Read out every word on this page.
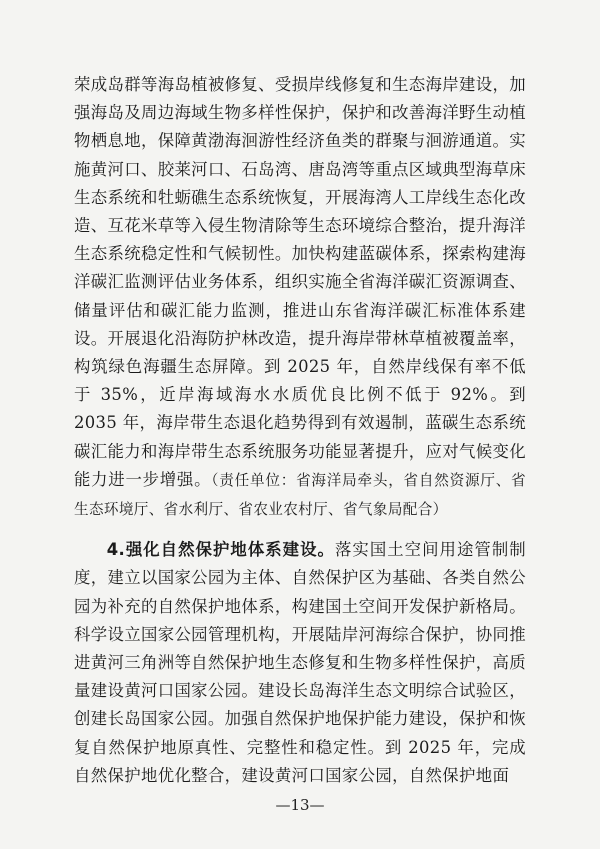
荣成岛群等海岛植被修复、受损岸线修复和生态海岸建设，加强海岛及周边海域生物多样性保护，保护和改善海洋野生动植物栖息地，保障黄渤海洄游性经济鱼类的群聚与洄游通道。实施黄河口、胶莱河口、石岛湾、唐岛湾等重点区域典型海草床生态系统和牡蛎礁生态系统恢复，开展海湾人工岸线生态化改造、互花米草等入侵生物清除等生态环境综合整治，提升海洋生态系统稳定性和气候韧性。加快构建蓝碳体系，探索构建海洋碳汇监测评估业务体系，组织实施全省海洋碳汇资源调查、储量评估和碳汇能力监测，推进山东省海洋碳汇标准体系建设。开展退化沿海防护林改造，提升海岸带林草植被覆盖率，构筑绿色海疆生态屏障。到 2025 年，自然岸线保有率不低于 35%，近岸海域海水水质优良比例不低于 92%。到 2035 年，海岸带生态退化趋势得到有效遏制，蓝碳生态系统碳汇能力和海岸带生态系统服务功能显著提升，应对气候变化能力进一步增强。（责任单位：省海洋局牵头，省自然资源厅、省生态环境厅、省水利厅、省农业农村厅、省气象局配合）

4.强化自然保护地体系建设。落实国土空间用途管制制度，建立以国家公园为主体、自然保护区为基础、各类自然公园为补充的自然保护地体系，构建国土空间开发保护新格局。科学设立国家公园管理机构，开展陆岸河海综合保护，协同推进黄河三角洲等自然保护地生态修复和生物多样性保护，高质量建设黄河口国家公园。建设长岛海洋生态文明综合试验区，创建长岛国家公园。加强自然保护地保护能力建设，保护和恢复自然保护地原真性、完整性和稳定性。到 2025 年，完成自然保护地优化整合，建设黄河口国家公园，自然保护地面

—13—
